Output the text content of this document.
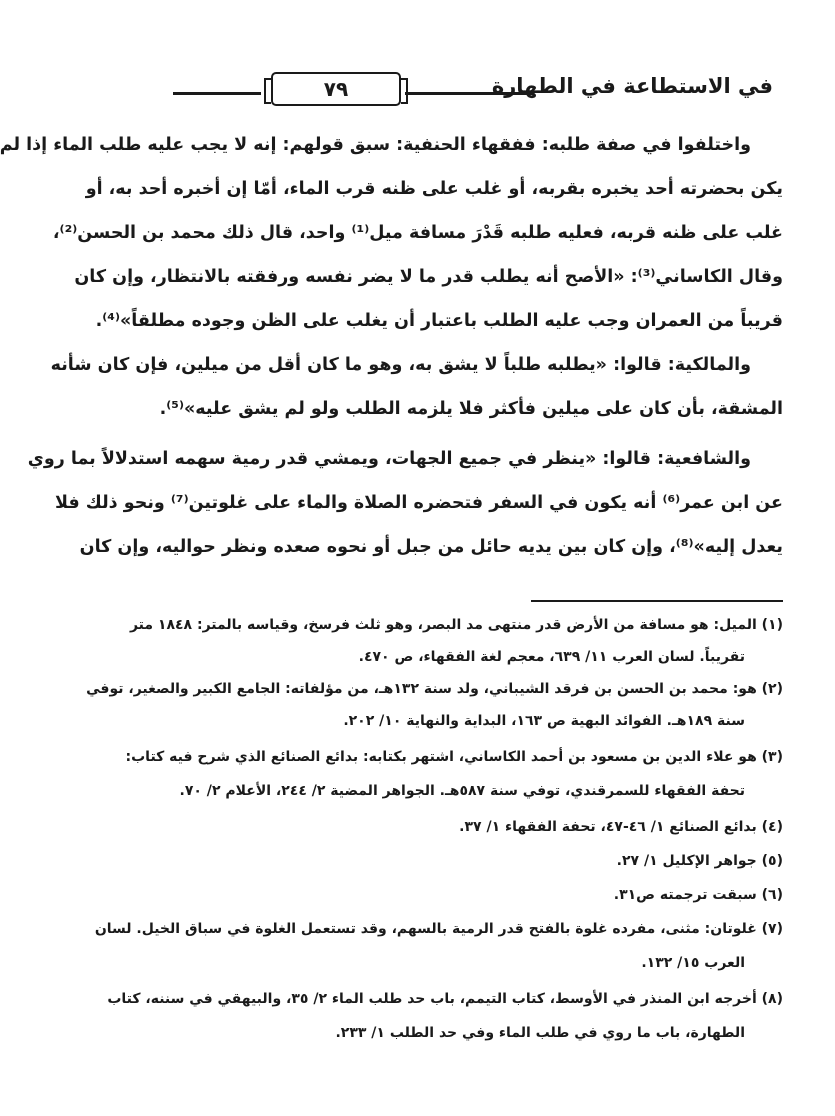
في الاستطاعة في الطهارة
٧٩
واختلفوا في صفة طلبه: ففقهاء الحنفية: سبق قولهم: إنه لا يجب عليه طلب الماء إذا لم
يكن بحضرته أحد يخبره بقربه، أو غلب على ظنه قرب الماء، أمّا إن أخبره أحد به، أو
غلب على ظنه قربه، فعليه طلبه قَدْرَ مسافة ميل⁽¹⁾ واحد، قال ذلك محمد بن الحسن⁽²⁾،
وقال الكاساني⁽³⁾: «الأصح أنه يطلب قدر ما لا يضر نفسه ورفقته بالانتظار، وإن كان
قريباً من العمران وجب عليه الطلب باعتبار أن يغلب على الظن وجوده مطلقاً»⁽⁴⁾.
والمالكية: قالوا: «يطلبه طلباً لا يشق به، وهو ما كان أقل من ميلين، فإن كان شأنه
المشقة، بأن كان على ميلين فأكثر فلا يلزمه الطلب ولو لم يشق عليه»⁽⁵⁾.
والشافعية: قالوا: «ينظر في جميع الجهات، ويمشي قدر رمية سهمه استدلالاً بما روي
عن ابن عمر⁽⁶⁾ أنه يكون في السفر فتحضره الصلاة والماء على غلوتين⁽⁷⁾ ونحو ذلك فلا
يعدل إليه»⁽⁸⁾، وإن كان بين يديه حائل من جبل أو نحوه صعده ونظر حواليه، وإن كان
(١) الميل: هو مسافة من الأرض قدر منتهى مد البصر، وهو ثلث فرسخ، وقياسه بالمتر: ١٨٤٨ متر
تقريباً. لسان العرب ١١/ ٦٣٩، معجم لغة الفقهاء، ص ٤٧٠.
(٢) هو: محمد بن الحسن بن فرقد الشيباني، ولد سنة ١٣٢هـ، من مؤلفاته: الجامع الكبير والصغير، توفي
سنة ١٨٩هـ. الفوائد البهية ص ١٦٣، البداية والنهاية ١٠/ ٢٠٢.
(٣) هو علاء الدين بن مسعود بن أحمد الكاساني، اشتهر بكتابه: بدائع الصنائع الذي شرح فيه كتاب:
تحفة الفقهاء للسمرقندي، توفي سنة ٥٨٧هـ. الجواهر المضية ٢/ ٢٤٤، الأعلام ٢/ ٧٠.
(٤) بدائع الصنائع ١/ ٤٦-٤٧، تحفة الفقهاء ١/ ٣٧.
(٥) جواهر الإكليل ١/ ٢٧.
(٦) سبقت ترجمته ص٣١.
(٧) غلوتان: مثنى، مفرده غلوة بالفتح قدر الرمية بالسهم، وقد تستعمل الغلوة في سباق الخيل. لسان
العرب ١٥/ ١٣٢.
(٨) أخرجه ابن المنذر في الأوسط، كتاب التيمم، باب حد طلب الماء ٢/ ٣٥، والبيهقي في سننه، كتاب
الطهارة، باب ما روي في طلب الماء وفي حد الطلب ١/ ٢٣٣.
